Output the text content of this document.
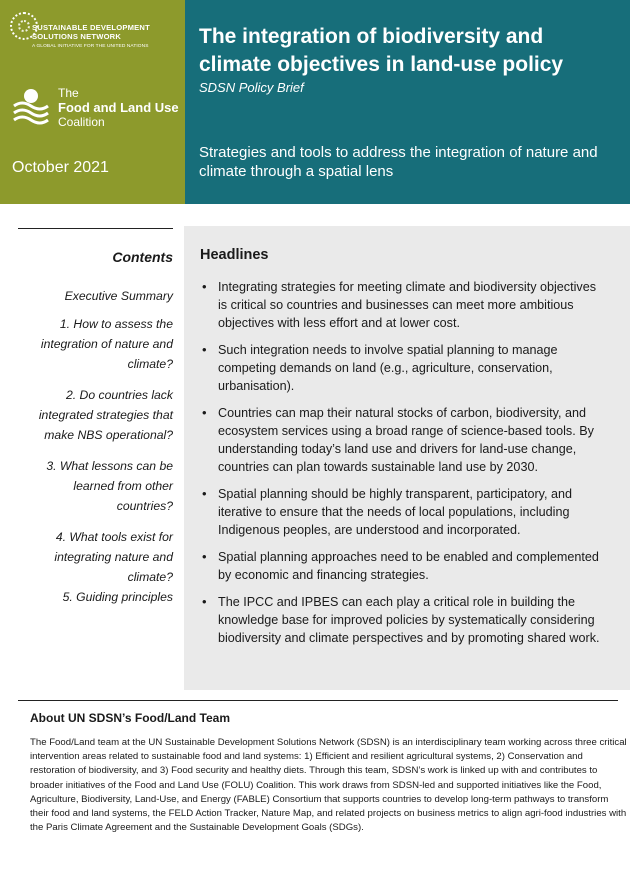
SUSTAINABLE DEVELOPMENT SOLUTIONS NETWORK
A GLOBAL INITIATIVE FOR THE UNITED NATIONS
The
Food and Land Use
Coalition
October 2021
The integration of biodiversity and climate objectives in land-use policy
SDSN Policy Brief
Strategies and tools to address the integration of nature and climate through a spatial lens
Contents

Executive Summary

1. How to assess the integration of nature and climate?

2. Do countries lack integrated strategies that make NBS operational?

3. What lessons can be learned from other countries?

4. What tools exist for integrating nature and climate?

5. Guiding principles

Headlines
• Integrating strategies for meeting climate and biodiversity objectives is critical so countries and businesses can meet more ambitious objectives with less effort and at lower cost.
• Such integration needs to involve spatial planning to manage competing demands on land (e.g., agriculture, conservation, urbanisation).
• Countries can map their natural stocks of carbon, biodiversity, and ecosystem services using a broad range of science-based tools. By understanding today’s land use and drivers for land-use change, countries can plan towards sustainable land use by 2030.
• Spatial planning should be highly transparent, participatory, and iterative to ensure that the needs of local populations, including Indigenous peoples, are understood and incorporated.
• Spatial planning approaches need to be enabled and complemented by economic and financing strategies.
• The IPCC and IPBES can each play a critical role in building the knowledge base for improved policies by systematically considering biodiversity and climate perspectives and by promoting shared work.
About UN SDSN’s Food/Land Team
The Food/Land team at the UN Sustainable Development Solutions Network (SDSN) is an interdisciplinary team working across three critical intervention areas related to sustainable food and land systems: 1) Efficient and resilient agricultural systems, 2) Conservation and restoration of biodiversity, and 3) Food security and healthy diets. Through this team, SDSN’s work is linked up with and contributes to broader initiatives of the Food and Land Use (FOLU) Coalition. This work draws from SDSN-led and supported initiatives like the Food, Agriculture, Biodiversity, Land-Use, and Energy (FABLE) Consortium that supports countries to develop long-term pathways to transform their food and land systems, the FELD Action Tracker, Nature Map, and related projects on business metrics to align agri-food industries with the Paris Climate Agreement and the Sustainable Development Goals (SDGs).
